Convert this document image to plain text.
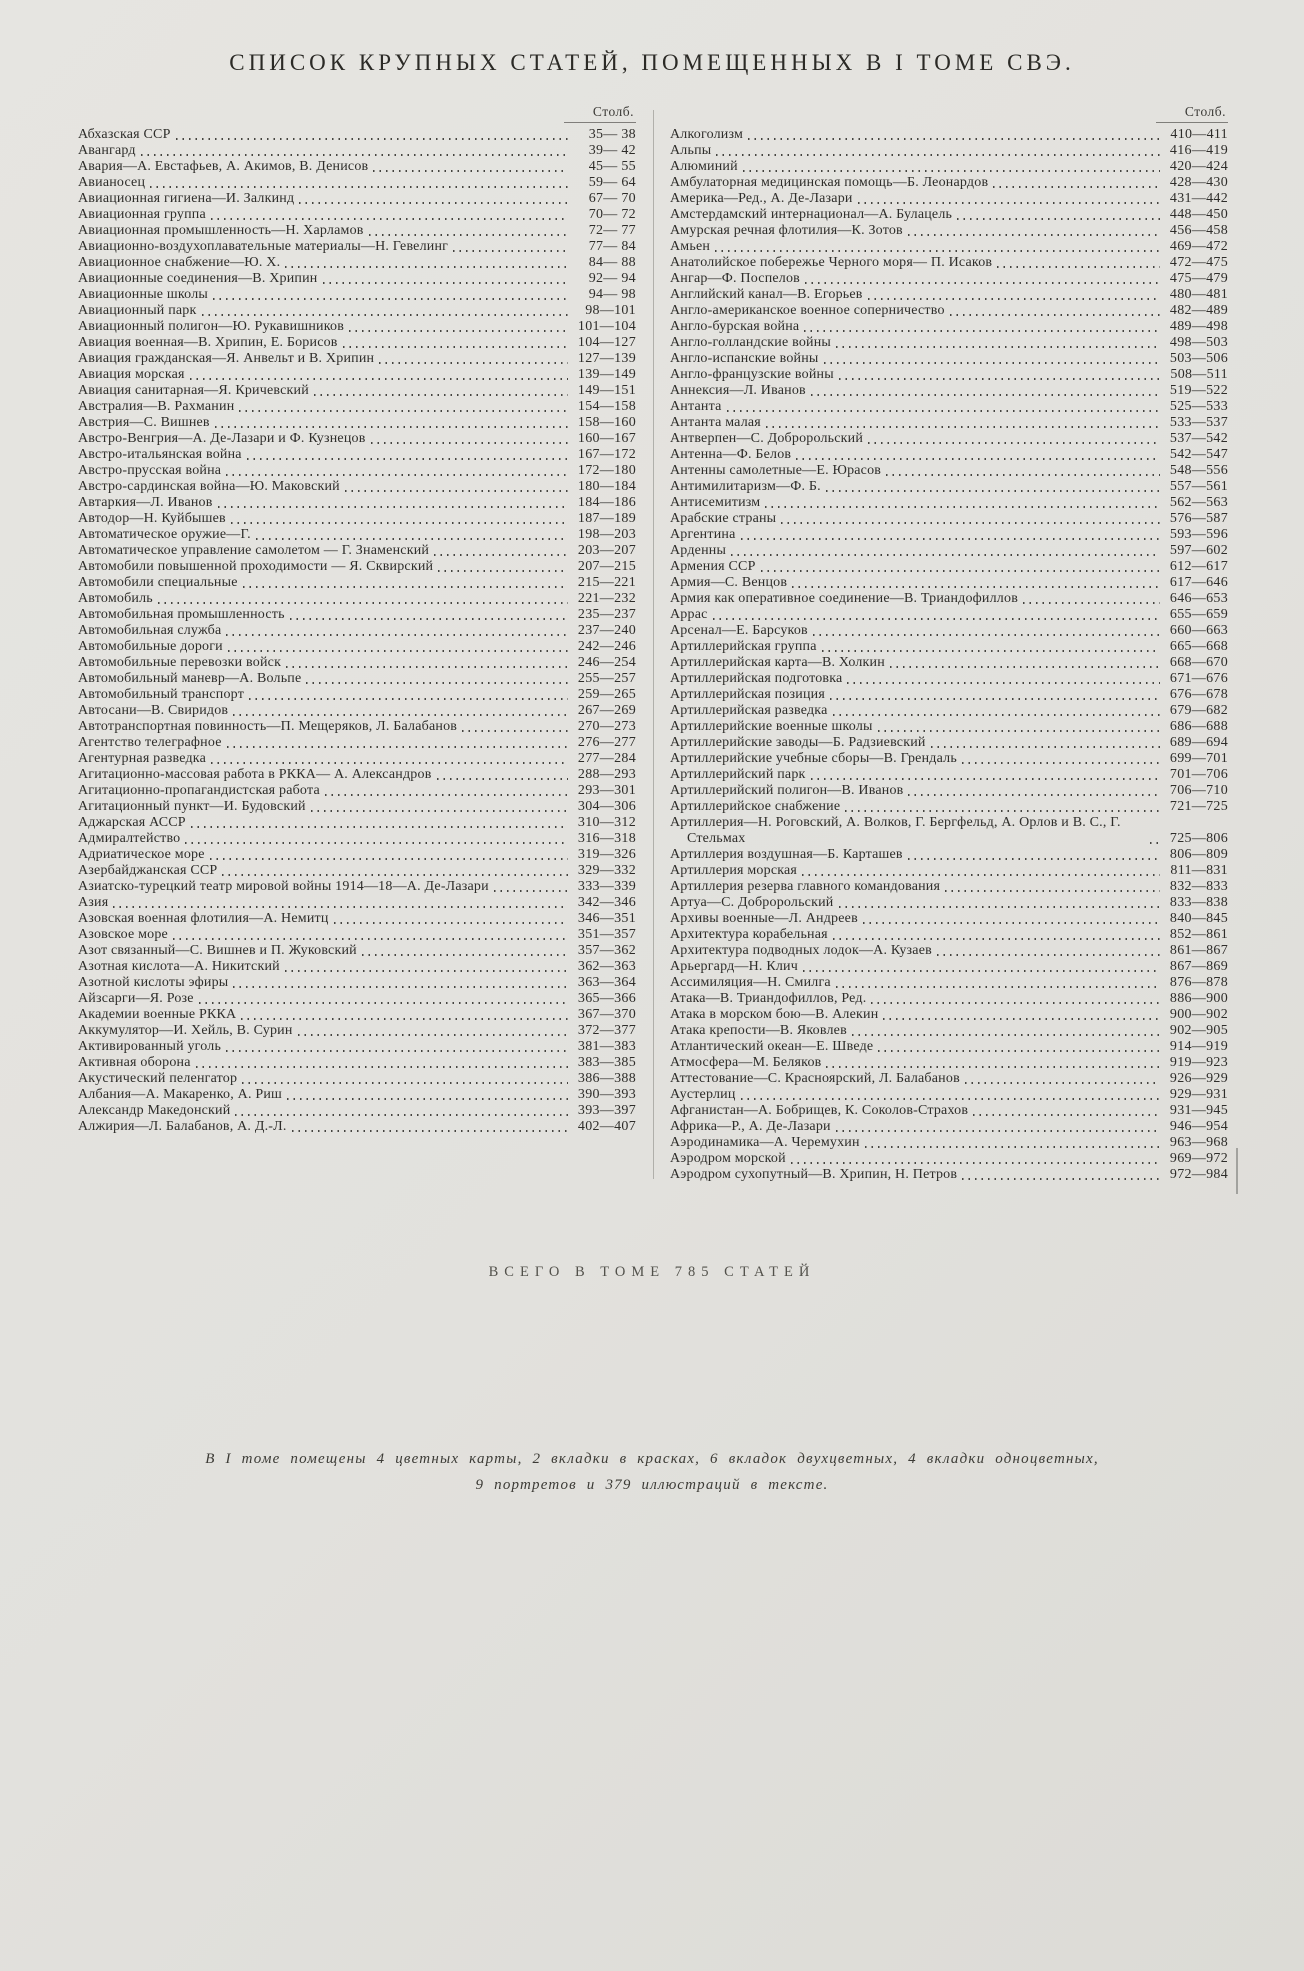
СПИСОК КРУПНЫХ СТАТЕЙ, ПОМЕЩЕННЫХ В I ТОМЕ СВЭ.
Столб.
Абхазская ССР	35— 38
Авангард	39— 42
Авария—А. Евстафьев, А. Акимов, В. Денисов	45— 55
Авианосец	59— 64
Авиационная гигиена—И. Залкинд	67— 70
Авиационная группа	70— 72
Авиационная промышленность—Н. Харламов	72— 77
Авиационно-воздухоплавательные материалы—Н. Гевелинг	77— 84
Авиационное снабжение—Ю. Х.	84— 88
Авиационные соединения—В. Хрипин	92— 94
Авиационные школы	94— 98
Авиационный парк	98—101
Авиационный полигон—Ю. Рукавишников	101—104
Авиация военная—В. Хрипин, Е. Борисов	104—127
Авиация гражданская—Я. Анвельт и В. Хрипин	127—139
Авиация морская	139—149
Авиация санитарная—Я. Кричевский	149—151
Австралия—В. Рахманин	154—158
Австрия—С. Вишнев	158—160
Австро-Венгрия—А. Де-Лазари и Ф. Кузнецов	160—167
Австро-итальянская война	167—172
Австро-прусская война	172—180
Австро-сардинская война—Ю. Маковский	180—184
Автаркия—Л. Иванов	184—186
Автодор—Н. Куйбышев	187—189
Автоматическое оружие—Г.	198—203
Автоматическое управление самолетом — Г. Знаменский	203—207
Автомобили повышенной проходимости — Я. Сквирский	207—215
Автомобили специальные	215—221
Автомобиль	221—232
Автомобильная промышленность	235—237
Автомобильная служба	237—240
Автомобильные дороги	242—246
Автомобильные перевозки войск	246—254
Автомобильный маневр—А. Вольпе	255—257
Автомобильный транспорт	259—265
Автосани—В. Свиридов	267—269
Автотранспортная повинность—П. Мещеряков, Л. Балабанов	270—273
Агентство телеграфное	276—277
Агентурная разведка	277—284
Агитационно-массовая работа в РККА— А. Александров	288—293
Агитационно-пропагандистская работа	293—301
Агитационный пункт—И. Будовский	304—306
Аджарская АССР	310—312
Адмиралтейство	316—318
Адриатическое море	319—326
Азербайджанская ССР	329—332
Азиатско-турецкий театр мировой войны 1914—18—А. Де-Лазари	333—339
Азия	342—346
Азовская военная флотилия—А. Немитц	346—351
Азовское море	351—357
Азот связанный—С. Вишнев и П. Жуковский	357—362
Азотная кислота—А. Никитский	362—363
Азотной кислоты эфиры	363—364
Айзсарги—Я. Розе	365—366
Академии военные РККА	367—370
Аккумулятор—И. Хейль, В. Сурин	372—377
Активированный уголь	381—383
Активная оборона	383—385
Акустический пеленгатор	386—388
Албания—А. Макаренко, А. Риш	390—393
Александр Македонский	393—397
Алжирия—Л. Балабанов, А. Д.-Л.	402—407
Столб.
Алкоголизм	410—411
Альпы	416—419
Алюминий	420—424
Амбулаторная медицинская помощь—Б. Леонардов	428—430
Америка—Ред., А. Де-Лазари	431—442
Амстердамский интернационал—А. Булацель	448—450
Амурская речная флотилия—К. Зотов	456—458
Амьен	469—472
Анатолийское побережье Черного моря— П. Исаков	472—475
Ангар—Ф. Поспелов	475—479
Английский канал—В. Егорьев	480—481
Англо-американское военное соперничество	482—489
Англо-бурская война	489—498
Англо-голландские войны	498—503
Англо-испанские войны	503—506
Англо-французские войны	508—511
Аннексия—Л. Иванов	519—522
Антанта	525—533
Антанта малая	533—537
Антверпен—С. Добророльский	537—542
Антенна—Ф. Белов	542—547
Антенны самолетные—Е. Юрасов	548—556
Антимилитаризм—Ф. Б.	557—561
Антисемитизм	562—563
Арабские страны	576—587
Аргентина	593—596
Арденны	597—602
Армения ССР	612—617
Армия—С. Венцов	617—646
Армия как оперативное соединение—В. Триандофиллов	646—653
Аррас	655—659
Арсенал—Е. Барсуков	660—663
Артиллерийская группа	665—668
Артиллерийская карта—В. Холкин	668—670
Артиллерийская подготовка	671—676
Артиллерийская позиция	676—678
Артиллерийская разведка	679—682
Артиллерийские военные школы	686—688
Артиллерийские заводы—Б. Радзиевский	689—694
Артиллерийские учебные сборы—В. Грендаль	699—701
Артиллерийский парк	701—706
Артиллерийский полигон—В. Иванов	706—710
Артиллерийское снабжение	721—725
Артиллерия—Н. Роговский, А. Волков, Г. Бергфельд, А. Орлов и В. С., Г. Стельмах	725—806
Артиллерия воздушная—Б. Карташев	806—809
Артиллерия морская	811—831
Артиллерия резерва главного командования	832—833
Артуа—С. Добророльский	833—838
Архивы военные—Л. Андреев	840—845
Архитектура корабельная	852—861
Архитектура подводных лодок—А. Кузаев	861—867
Арьергард—Н. Клич	867—869
Ассимиляция—Н. Смилга	876—878
Атака—В. Триандофиллов, Ред.	886—900
Атака в морском бою—В. Алекин	900—902
Атака крепости—В. Яковлев	902—905
Атлантический океан—Е. Шведе	914—919
Атмосфера—М. Беляков	919—923
Аттестование—С. Красноярский, Л. Балабанов	926—929
Аустерлиц	929—931
Афганистан—А. Бобрищев, К. Соколов-Страхов	931—945
Африка—Р., А. Де-Лазари	946—954
Аэродинамика—А. Черемухин	963—968
Аэродром морской	969—972
Аэродром сухопутный—В. Хрипин, Н. Петров	972—984
ВСЕГО В ТОМЕ 785 СТАТЕЙ
В I томе помещены 4 цветных карты, 2 вкладки в красках, 6 вкладок двухцветных, 4 вкладки одноцветных,
9 портретов и 379 иллюстраций в тексте.
